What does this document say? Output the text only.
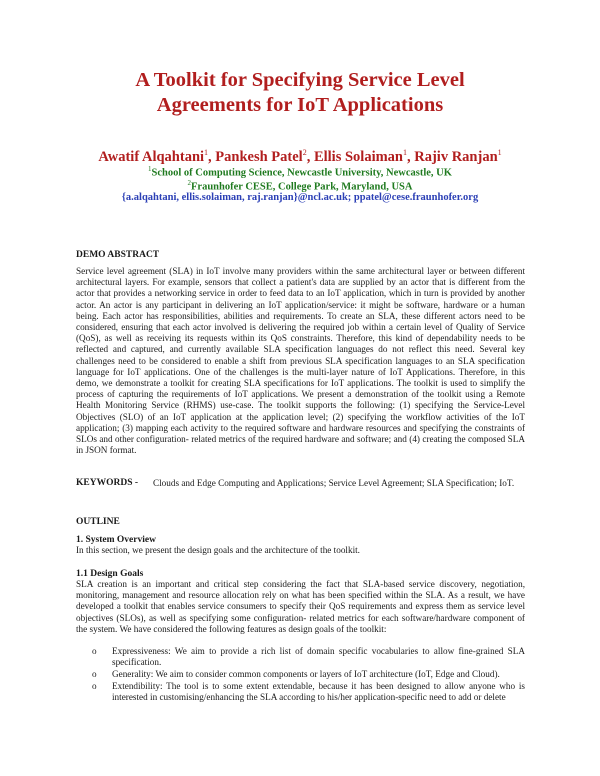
A Toolkit for Specifying Service Level
Agreements for IoT Applications
Awatif Alqahtani$^1$, Pankesh Patel$^2$, Ellis Solaiman$^1$, Rajiv Ranjan$^1$
$^1$School of Computing Science, Newcastle University, Newcastle, UK
$^2$Fraunhofer CESE, College Park, Maryland, USA
{a.alqahtani, ellis.solaiman, raj.ranjan}@ncl.ac.uk; ppatel@cese.fraunhofer.org
DEMO ABSTRACT

Service level agreement (SLA) in IoT involve many providers within the same architectural layer or between different architectural layers. For example, sensors that collect a patient's data are supplied by an actor that is different from the actor that provides a networking service in order to feed data to an IoT application, which in turn is provided by another actor. An actor is any participant in delivering an IoT application/service: it might be software, hardware or a human being. Each actor has responsibilities, abilities and requirements. To create an SLA, these different actors need to be considered, ensuring that each actor involved is delivering the required job within a certain level of Quality of Service (QoS), as well as receiving its requests within its QoS constraints. Therefore, this kind of dependability needs to be reflected and captured, and currently available SLA specification languages do not reflect this need. Several key challenges need to be considered to enable a shift from previous SLA specification languages to an SLA specification language for IoT applications. One of the challenges is the multi-layer nature of IoT Applications. Therefore, in this demo, we demonstrate a toolkit for creating SLA specifications for IoT applications. The toolkit is used to simplify the process of capturing the requirements of IoT applications. We present a demonstration of the toolkit using a Remote Health Monitoring Service (RHMS) use-case. The toolkit supports the following: (1) specifying the Service-Level Objectives (SLO) of an IoT application at the application level; (2) specifying the workflow activities of the IoT application; (3) mapping each activity to the required software and hardware resources and specifying the constraints of SLOs and other configuration- related metrics of the required hardware and software; and (4) creating the composed SLA in JSON format.

KEYWORDS - Clouds and Edge Computing and Applications; Service Level Agreement; SLA Specification; IoT.

OUTLINE
1. System Overview

In this section, we present the design goals and the architecture of the toolkit.

1.1 Design Goals

SLA creation is an important and critical step considering the fact that SLA-based service discovery, negotiation, monitoring, management and resource allocation rely on what has been specified within the SLA. As a result, we have developed a toolkit that enables service consumers to specify their QoS requirements and express them as service level objectives (SLOs), as well as specifying some configuration- related metrics for each software/hardware component of the system. We have considered the following features as design goals of the toolkit:

o Expressiveness: We aim to provide a rich list of domain specific vocabularies to allow fine-grained SLA specification.
o Generality: We aim to consider common components or layers of IoT architecture (IoT, Edge and Cloud).
o Extendibility: The tool is to some extent extendable, because it has been designed to allow anyone who is interested in customising/enhancing the SLA according to his/her application-specific need to add or delete
